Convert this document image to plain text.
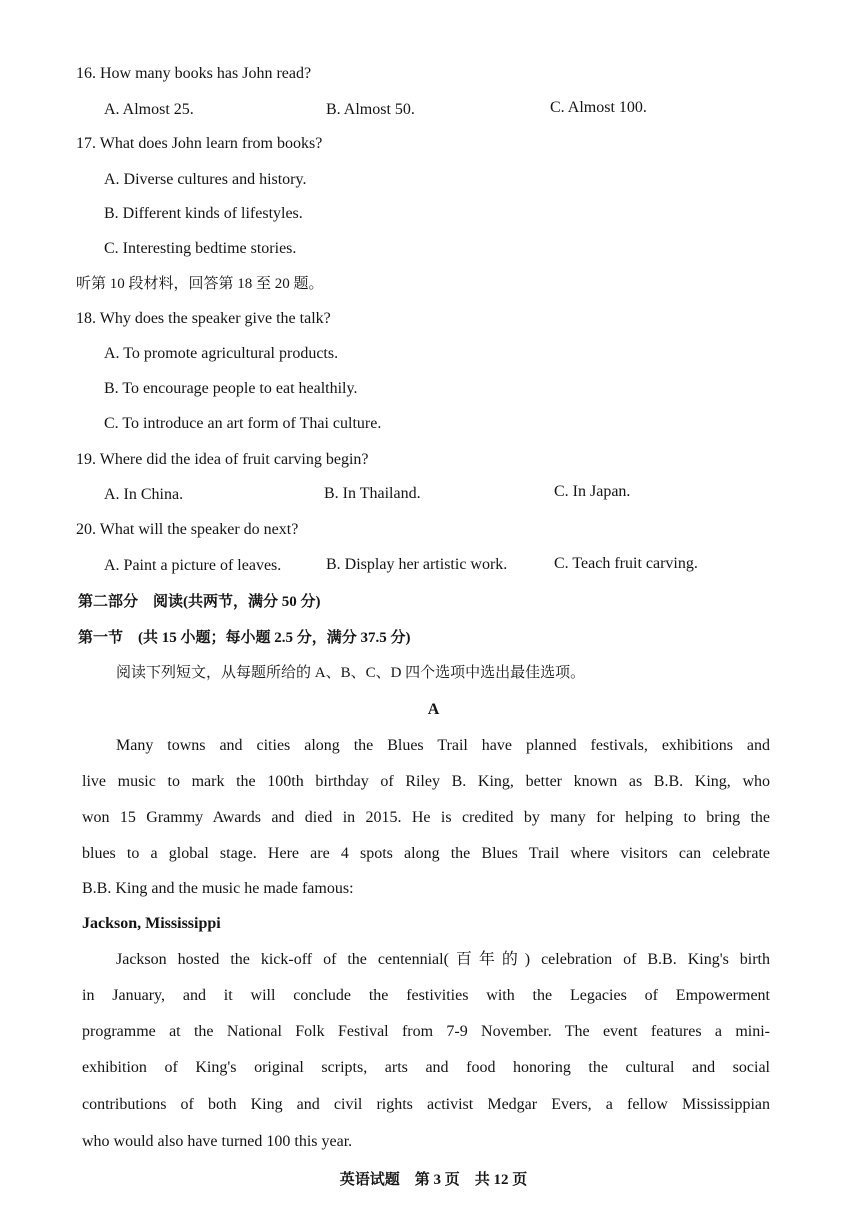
16. How many books has John read?
A. Almost 25.	B. Almost 50.	C. Almost 100.
17. What does John learn from books?
A. Diverse cultures and history.
B. Different kinds of lifestyles.
C. Interesting bedtime stories.
听第 10 段材料，回答第 18 至 20 题。
18. Why does the speaker give the talk?
A. To promote agricultural products.
B. To encourage people to eat healthily.
C. To introduce an art form of Thai culture.
19. Where did the idea of fruit carving begin?
A. In China.	B. In Thailand.	C. In Japan.
20. What will the speaker do next?
A. Paint a picture of leaves.	B. Display her artistic work.	C. Teach fruit carving.
第二部分　阅读(共两节，满分 50 分)
第一节　(共 15 小题；每小题 2.5 分，满分 37.5 分)
阅读下列短文，从每题所给的 A、B、C、D 四个选项中选出最佳选项。
A
Many towns and cities along the Blues Trail have planned festivals, exhibitions and
live music to mark the 100th birthday of Riley B. King, better known as B.B. King, who
won 15 Grammy Awards and died in 2015. He is credited by many for helping to bring the
blues to a global stage. Here are 4 spots along the Blues Trail where visitors can celebrate
B.B. King and the music he made famous:
Jackson, Mississippi
Jackson hosted the kick-off of the centennial(百年的) celebration of B.B. King's birth
in January, and it will conclude the festivities with the Legacies of Empowerment
programme at the National Folk Festival from 7-9 November. The event features a mini-
exhibition of King's original scripts, arts and food honoring the cultural and social
contributions of both King and civil rights activist Medgar Evers, a fellow Mississippian
who would also have turned 100 this year.
英语试题　第 3 页　共 12 页
